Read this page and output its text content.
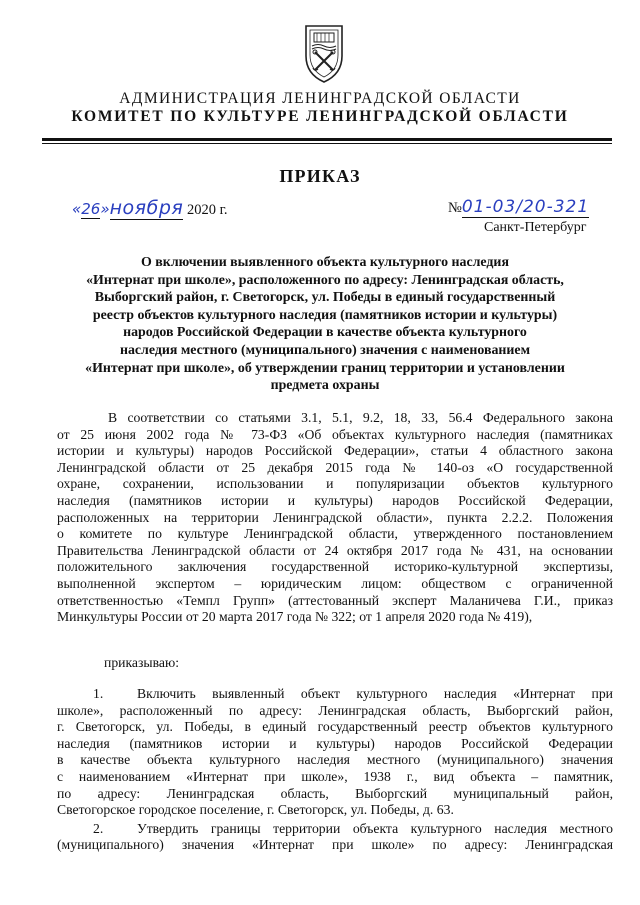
АДМИНИСТРАЦИЯ ЛЕНИНГРАДСКОЙ ОБЛАСТИ
КОМИТЕТ ПО КУЛЬТУРЕ ЛЕНИНГРАДСКОЙ ОБЛАСТИ
ПРИКАЗ
«26»ноября 2020 г.	№01-03/20-321
Санкт-Петербург
О включении выявленного объекта культурного наследия
«Интернат при школе», расположенного по адресу: Ленинградская область,
Выборгский район, г. Светогорск, ул. Победы в единый государственный
реестр объектов культурного наследия (памятников истории и культуры)
народов Российской Федерации в качестве объекта культурного
наследия местного (муниципального) значения с наименованием
«Интернат при школе», об утверждении границ территории и установлении
предмета охраны
В соответствии со статьями 3.1, 5.1, 9.2, 18, 33, 56.4 Федерального закона
от 25 июня 2002 года № 73-ФЗ «Об объектах культурного наследия (памятниках
истории и культуры) народов Российской Федерации», статьи 4 областного закона
Ленинградской области от 25 декабря 2015 года № 140-оз «О государственной
охране, сохранении, использовании и популяризации объектов культурного
наследия (памятников истории и культуры) народов Российской Федерации,
расположенных на территории Ленинградской области», пункта 2.2.2. Положения
о комитете по культуре Ленинградской области, утвержденного постановлением
Правительства Ленинградской области от 24 октября 2017 года № 431, на основании
положительного заключения государственной историко-культурной экспертизы,
выполненной экспертом – юридическим лицом: обществом с ограниченной
ответственностью «Темпл Групп» (аттестованный эксперт Маланичева Г.И., приказ
Минкультуры России от 20 марта 2017 года № 322; от 1 апреля 2020 года № 419),
приказываю:
1. Включить выявленный объект культурного наследия «Интернат при
школе», расположенный по адресу: Ленинградская область, Выборгский район,
г. Светогорск, ул. Победы, в единый государственный реестр объектов культурного
наследия (памятников истории и культуры) народов Российской Федерации
в качестве объекта культурного наследия местного (муниципального) значения
с наименованием «Интернат при школе», 1938 г., вид объекта – памятник,
по адресу: Ленинградская область, Выборгский муниципальный район,
Светогорское городское поселение, г. Светогорск, ул. Победы, д. 63.
2. Утвердить границы территории объекта культурного наследия местного
(муниципального) значения «Интернат при школе» по адресу: Ленинградская
